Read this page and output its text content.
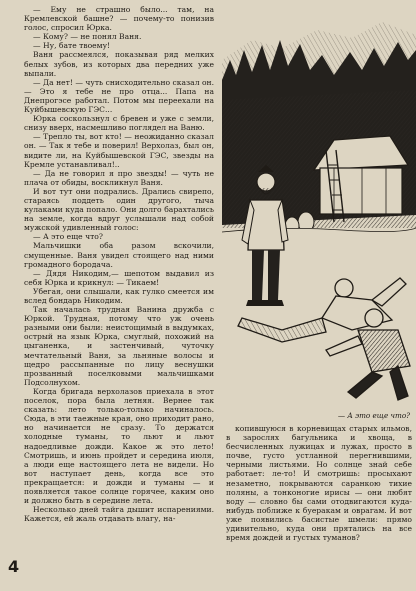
— Ему не страшно было... там, на Кремлевской башне? — почему-то понизив голос, спросил Юрка.

— Кому? — не понял Ваня.

— Ну, бате твоему!

Ваня рассмеялся, показывая ряд мелких белых зубов, из которых два передних уже выпали.

— Да нет! — чуть снисходительно сказал он. — Это я тебе не про отца... Папа на Днепрогэсе работал. Потом мы переехали на Куйбышевскую ГЭС...

Юрка соскользнул с бревен и уже с земли, снизу вверх, насмешливо поглядел на Ваню.

— Трепло ты, вот кто! — неожиданно сказал он. — Так я тебе и поверил! Верхолаз, был он, видите ли, на Куйбышевской ГЭС, звезды на Кремле устанавливал!..

— Да не говорил я про звезды! — чуть не плача от обиды, воскликнул Ваня.

И вот тут они подрались. Дрались свирепо, стараясь поддеть один другого, тыча кулаками куда попало. Они долго барахтались на земле, когда вдруг услышали над собой мужской удивленный голос:

— А это еще что?

Мальчишки оба разом вскочили, смущенные. Ваня увидел стоящего над ними громадного бородача.

— Дядя Никодим,— шепотом выдавил из себя Юрка и крикнул: — Тикаем!

Убегая, они слышали, как гулко смеется им вслед бондарь Никодим.

Так началась трудная Ванина дружба с Юркой. Трудная, потому что уж очень разными они были: неистощимый в выдумках, острый на язык Юрка, смуглый, похожий на цыганенка, и застенчивый, чуточку мечтательный Ваня, за льняные волосы и щедро рассыпанные по лицу веснушки прозванный поселковыми мальчишками Подсолнухом.

Когда бригада верхолазов приехала в этот поселок, пора была летняя. Вернее так сказать: лето только-только начиналось. Сюда, в эти таежные края, оно приходит рано, но начинается не сразу. То держатся холодные туманы, то льют и льют надоедливые дожди. Какое ж это лето! Смотришь, и июнь пройдет и середина июля, а люди еще настоящего лета не видели. Но вот наступает день, когда все это прекращается: и дожди и туманы — и появляется такое солнце горячее, каким оно и должно быть в середине лета.

Несколько дней тайга дышит испарениями. Кажется, ей жаль отдавать влагу, на-

— А это еще что?

копившуюся в корневищах старых ильмов, в зарослях багульника и хвоща, в бесчисленных лужицах и лужах, просто в почве, густо устланной перегнившими, черными листьями. Но солнце знай себе работает: ле-то! И смотришь: просыхают незаметно, покрываются саранкою тихие поляны, а тонконогие ирисы — они любят воду — словно бы сами отодвигаются куда-нибудь поближе к буеракам и оврагам. И вот уже появились басистые шмели: прямо удивительно, куда они прятались на все время дождей и густых туманов?

4
